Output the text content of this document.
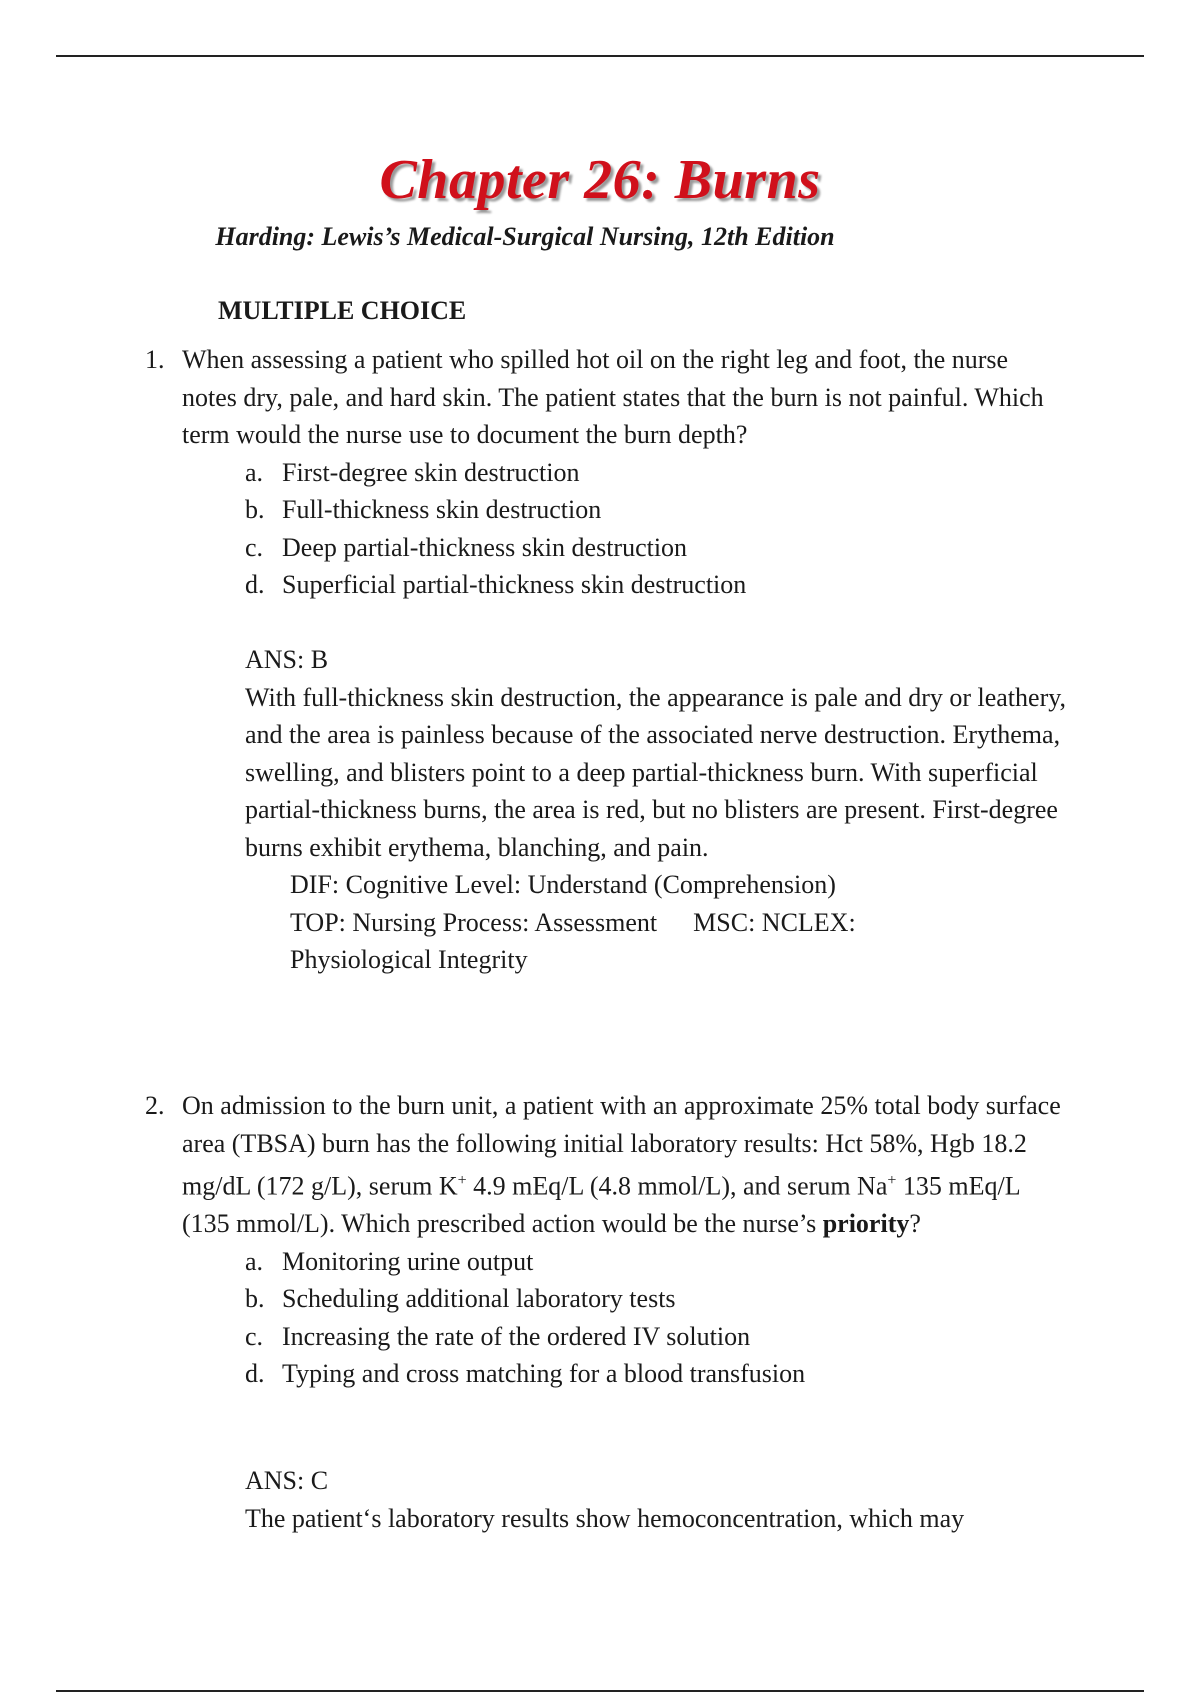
Chapter 26: Burns
Harding: Lewis’s Medical-Surgical Nursing, 12th Edition
MULTIPLE CHOICE
1. When assessing a patient who spilled hot oil on the right leg and foot, the nurse notes dry, pale, and hard skin. The patient states that the burn is not painful. Which term would the nurse use to document the burn depth?
a. First-degree skin destruction
b. Full-thickness skin destruction
c. Deep partial-thickness skin destruction
d. Superficial partial-thickness skin destruction
ANS: B
With full-thickness skin destruction, the appearance is pale and dry or leathery, and the area is painless because of the associated nerve destruction. Erythema, swelling, and blisters point to a deep partial-thickness burn. With superficial partial-thickness burns, the area is red, but no blisters are present. First-degree burns exhibit erythema, blanching, and pain.
DIF: Cognitive Level: Understand (Comprehension)
TOP: Nursing Process: Assessment MSC: NCLEX: Physiological Integrity
2. On admission to the burn unit, a patient with an approximate 25% total body surface area (TBSA) burn has the following initial laboratory results: Hct 58%, Hgb 18.2 mg/dL (172 g/L), serum K+ 4.9 mEq/L (4.8 mmol/L), and serum Na+ 135 mEq/L (135 mmol/L). Which prescribed action would be the nurse’s priority?
a. Monitoring urine output
b. Scheduling additional laboratory tests
c. Increasing the rate of the ordered IV solution
d. Typing and cross matching for a blood transfusion
ANS: C
The patient‘s laboratory results show hemoconcentration, which may
